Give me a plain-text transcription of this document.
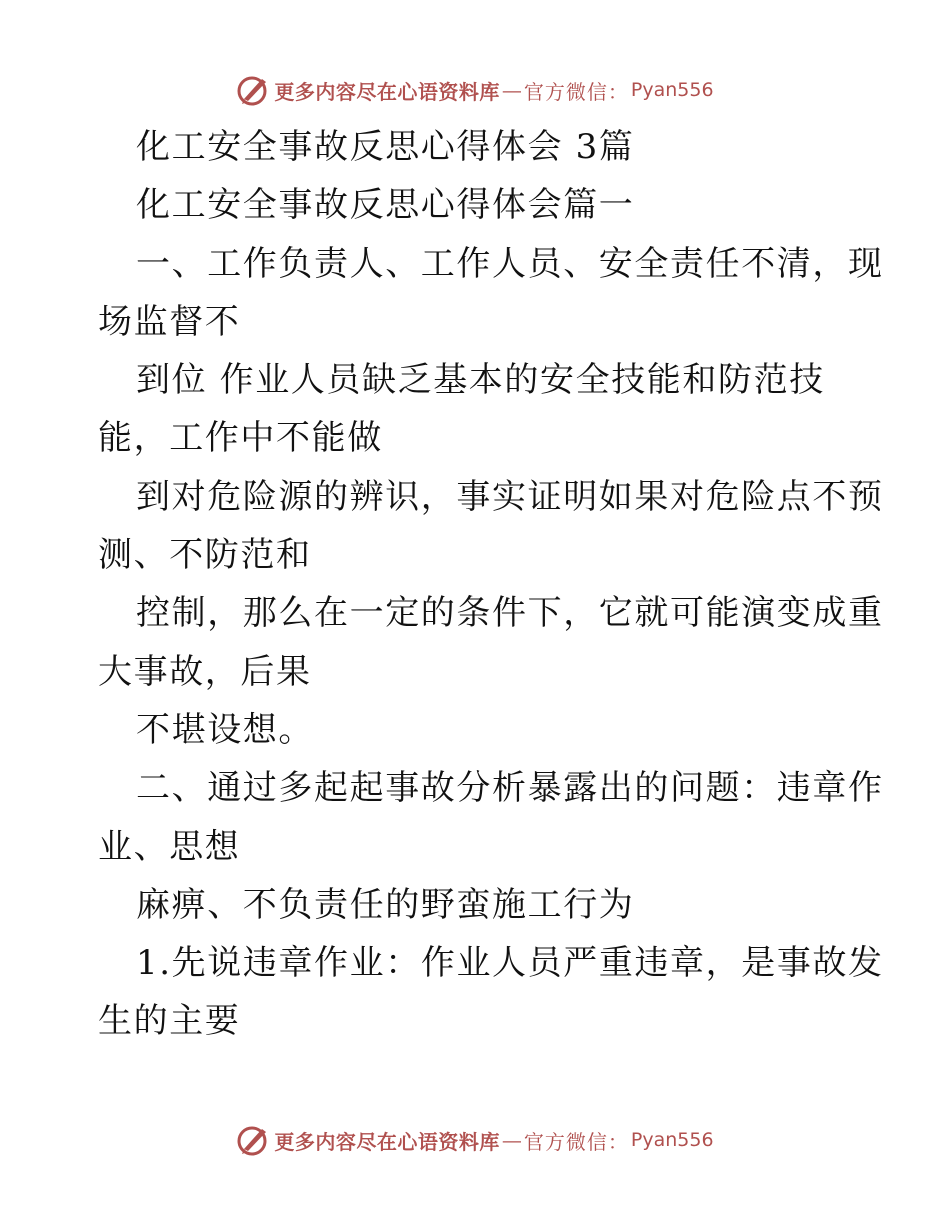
更多内容尽在心语资料库 — 官方微信： Pyan556

化工安全事故反思心得体会 3篇

化工安全事故反思心得体会篇一

一、工作负责人、工作人员、安全责任不清，现

场监督不

到位 作业人员缺乏基本的安全技能和防范技

能，工作中不能做

到对危险源的辨识，事实证明如果对危险点不预

测、不防范和

控制，那么在一定的条件下，它就可能演变成重

大事故，后果

不堪设想。

二、通过多起起事故分析暴露出的问题：违章作

业、思想

麻痹、不负责任的野蛮施工行为

1.先说违章作业：作业人员严重违章，是事故发

生的主要

更多内容尽在心语资料库 — 官方微信： Pyan556
